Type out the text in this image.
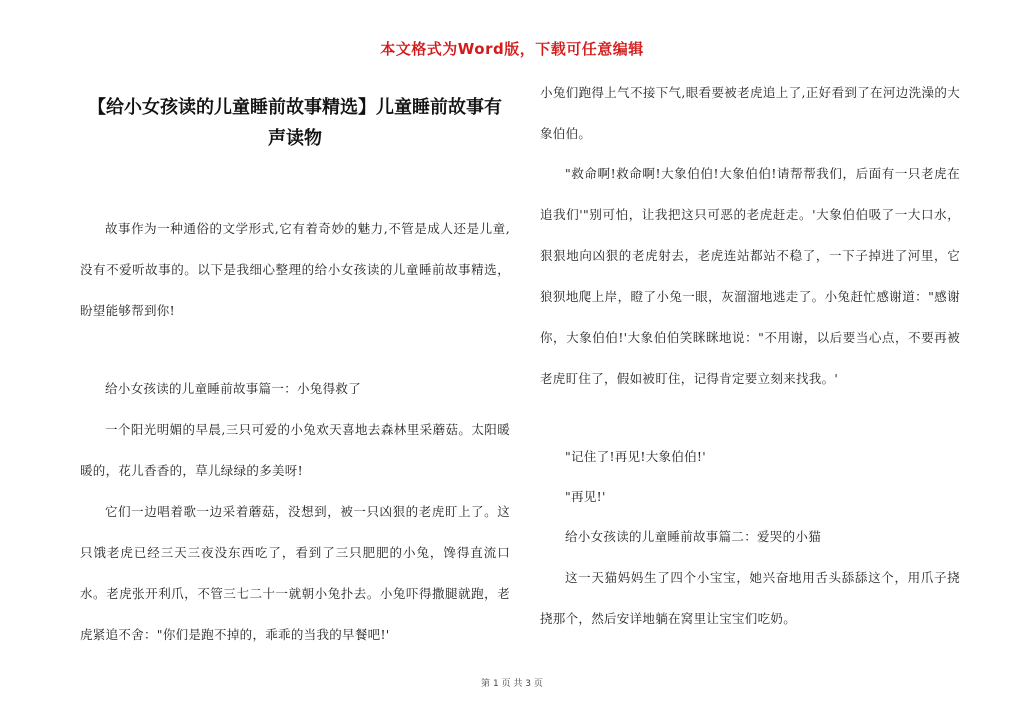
本文格式为Word版，下载可任意编辑
【给小女孩读的儿童睡前故事精选】儿童睡前故事有声读物

故事作为一种通俗的文学形式,它有着奇妙的魅力,不管是成人还是儿童,没有不爱听故事的。以下是我细心整理的给小女孩读的儿童睡前故事精选，盼望能够帮到你!

给小女孩读的儿童睡前故事篇一：小兔得救了

一个阳光明媚的早晨,三只可爱的小兔欢天喜地去森林里采蘑菇。太阳暖暖的，花儿香香的，草儿绿绿的多美呀!

它们一边唱着歌一边采着蘑菇，没想到，被一只凶狠的老虎盯上了。这只饿老虎已经三天三夜没东西吃了，看到了三只肥肥的小兔，馋得直流口水。老虎张开利爪，不管三七二十一就朝小兔扑去。小兔吓得撒腿就跑，老虎紧追不舍："你们是跑不掉的，乖乖的当我的早餐吧!'

小兔们跑得上气不接下气,眼看要被老虎追上了,正好看到了在河边洗澡的大象伯伯。

"救命啊!救命啊!大象伯伯!大象伯伯!请帮帮我们，后面有一只老虎在追我们'"别可怕，让我把这只可恶的老虎赶走。'大象伯伯吸了一大口水，狠狠地向凶狠的老虎射去，老虎连站都站不稳了，一下子掉进了河里，它狼狈地爬上岸，瞪了小兔一眼，灰溜溜地逃走了。小兔赶忙感谢道："感谢你，大象伯伯!'大象伯伯笑眯眯地说："不用谢，以后要当心点，不要再被老虎盯住了，假如被盯住，记得肯定要立刻来找我。'

"记住了!再见!大象伯伯!'

"再见!'

给小女孩读的儿童睡前故事篇二：爱哭的小猫

这一天猫妈妈生了四个小宝宝，她兴奋地用舌头舔舔这个，用爪子挠挠那个，然后安详地躺在窝里让宝宝们吃奶。

第 1 页 共 3 页
